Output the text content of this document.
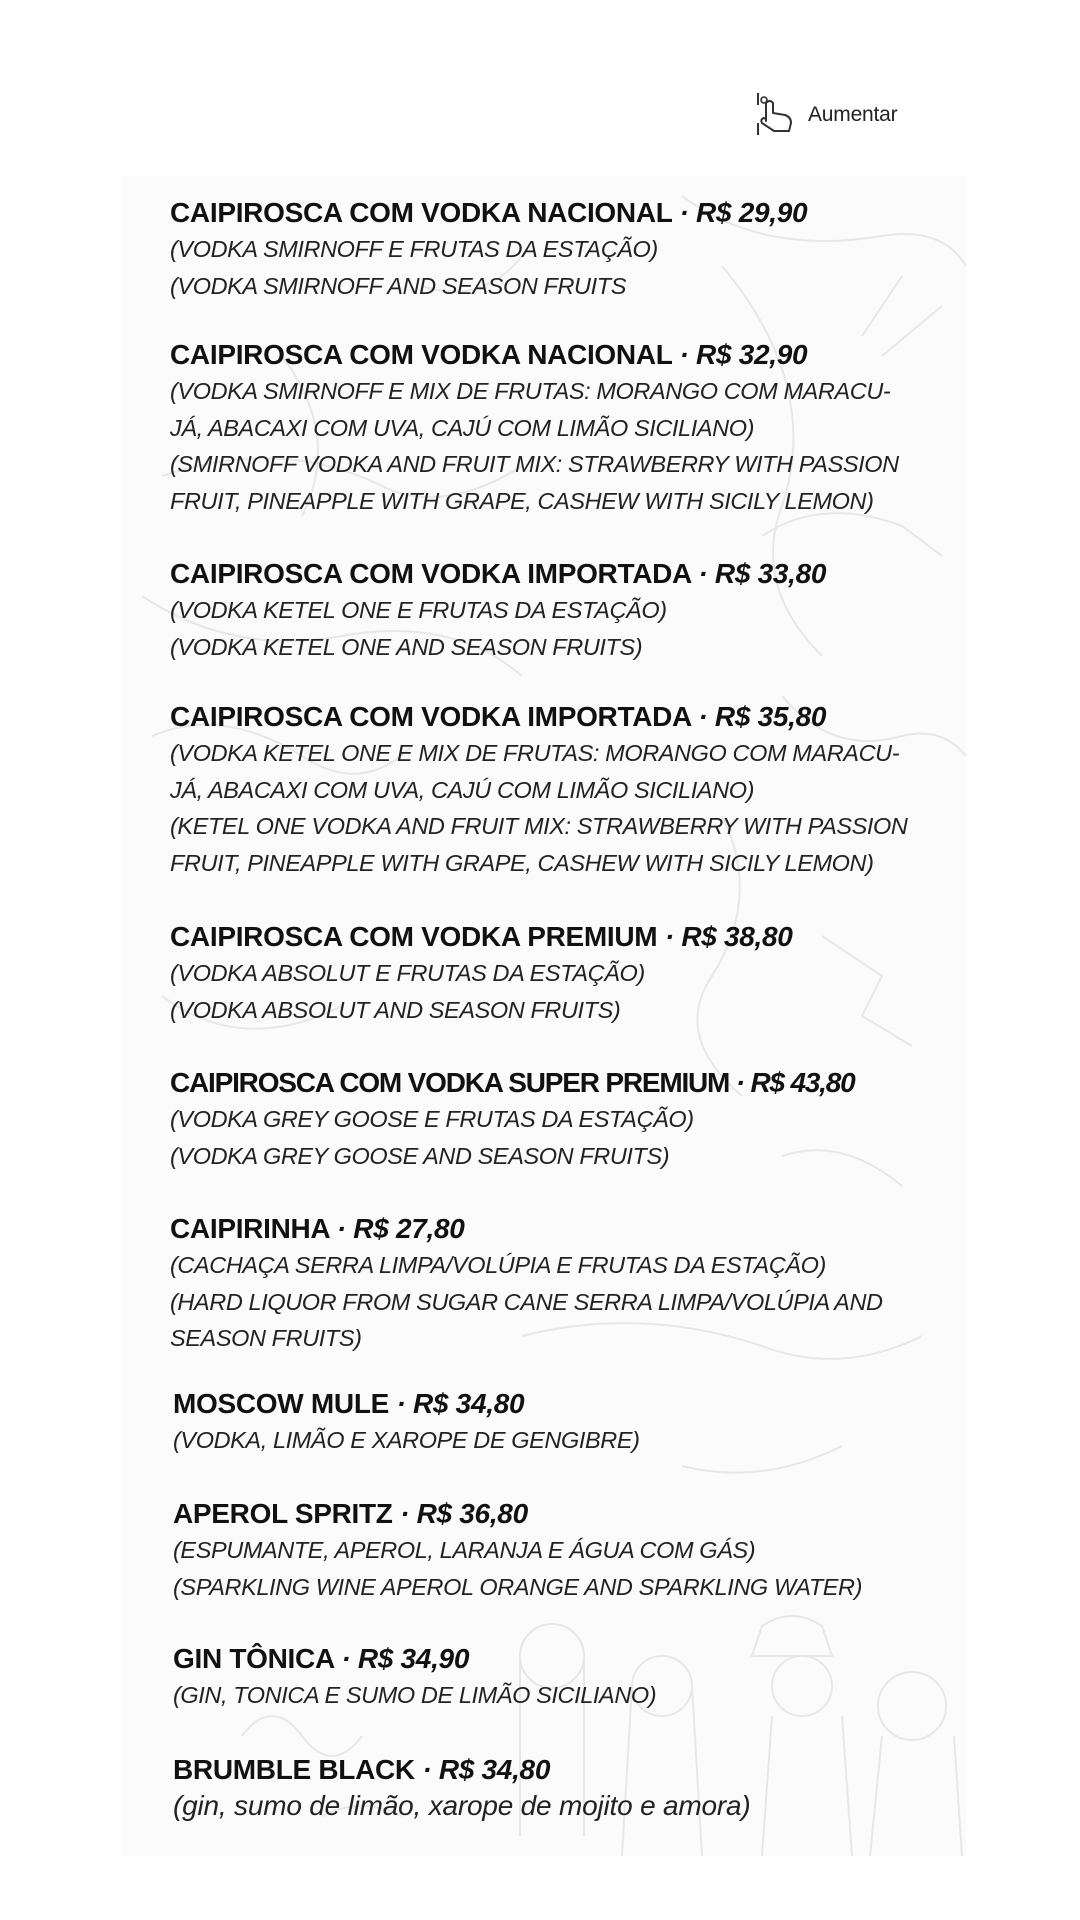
Aumentar
CAIPIROSCA COM VODKA NACIONAL · R$ 29,90
(VODKA SMIRNOFF E FRUTAS DA ESTAÇÃO)
(VODKA SMIRNOFF AND SEASON FRUITS
CAIPIROSCA COM VODKA NACIONAL · R$ 32,90
(VODKA SMIRNOFF E MIX DE FRUTAS: MORANGO COM MARACU-
JÁ, ABACAXI COM UVA, CAJÚ COM LIMÃO SICILIANO)
(SMIRNOFF VODKA AND FRUIT MIX: STRAWBERRY WITH PASSION
FRUIT, PINEAPPLE WITH GRAPE, CASHEW WITH SICILY LEMON)
CAIPIROSCA COM VODKA IMPORTADA · R$ 33,80
(VODKA KETEL ONE E FRUTAS DA ESTAÇÃO)
(VODKA KETEL ONE AND SEASON FRUITS)
CAIPIROSCA COM VODKA IMPORTADA · R$ 35,80
(VODKA KETEL ONE E MIX DE FRUTAS: MORANGO COM MARACU-
JÁ, ABACAXI COM UVA, CAJÚ COM LIMÃO SICILIANO)
(KETEL ONE VODKA AND FRUIT MIX: STRAWBERRY WITH PASSION
FRUIT, PINEAPPLE WITH GRAPE, CASHEW WITH SICILY LEMON)
CAIPIROSCA COM VODKA PREMIUM · R$ 38,80
(VODKA ABSOLUT E FRUTAS DA ESTAÇÃO)
(VODKA ABSOLUT AND SEASON FRUITS)
CAIPIROSCA COM VODKA SUPER PREMIUM · R$ 43,80
(VODKA GREY GOOSE E FRUTAS DA ESTAÇÃO)
(VODKA GREY GOOSE AND SEASON FRUITS)
CAIPIRINHA · R$ 27,80
(CACHAÇA SERRA LIMPA/VOLÚPIA E FRUTAS DA ESTAÇÃO)
(HARD LIQUOR FROM SUGAR CANE SERRA LIMPA/VOLÚPIA AND
SEASON FRUITS)
MOSCOW MULE · R$ 34,80
(VODKA, LIMÃO E XAROPE DE GENGIBRE)
APEROL SPRITZ · R$ 36,80
(ESPUMANTE, APEROL, LARANJA E ÁGUA COM GÁS)
(SPARKLING WINE APEROL ORANGE AND SPARKLING WATER)
GIN TÔNICA · R$ 34,90
(GIN, TONICA E SUMO DE LIMÃO SICILIANO)
BRUMBLE BLACK · R$ 34,80
(gin, sumo de limão, xarope de mojito e amora)
